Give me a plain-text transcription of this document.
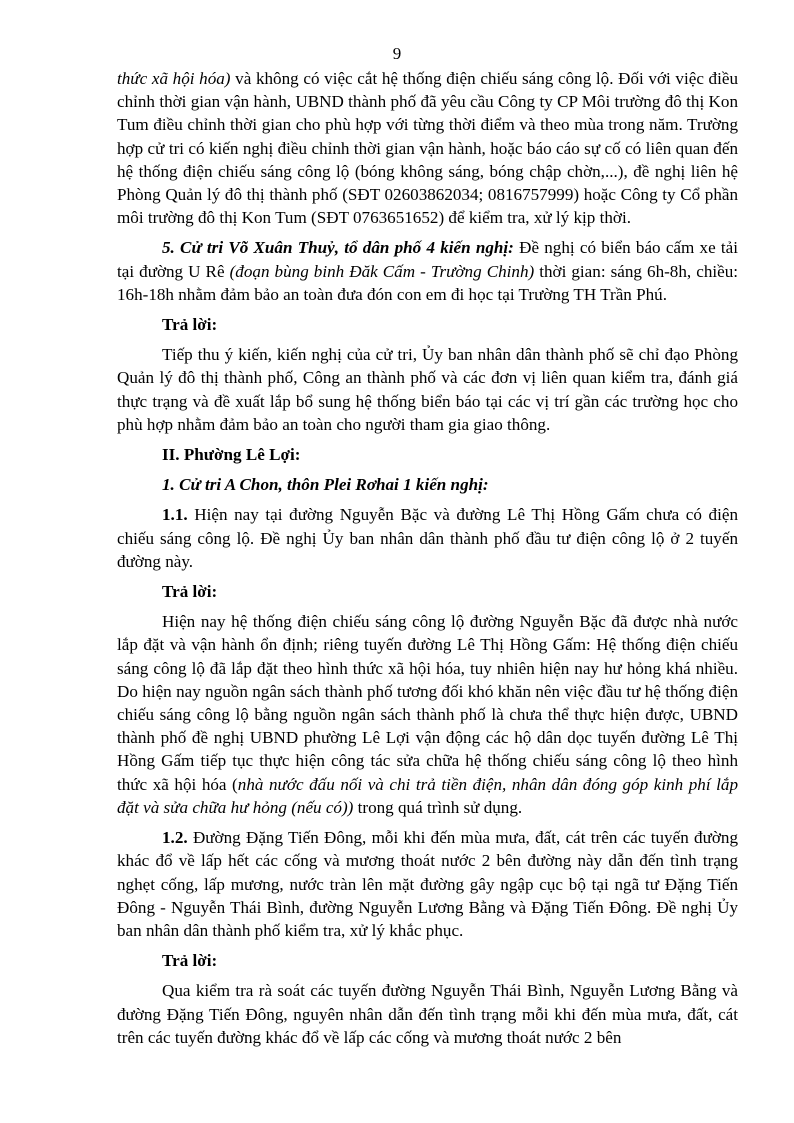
9

thức xã hội hóa) và không có việc cắt hệ thống điện chiếu sáng công lộ. Đối với việc điều chỉnh thời gian vận hành, UBND thành phố đã yêu cầu Công ty CP Môi trường đô thị Kon Tum điều chỉnh thời gian cho phù hợp với từng thời điểm và theo mùa trong năm. Trường hợp cử tri có kiến nghị điều chỉnh thời gian vận hành, hoặc báo cáo sự cố có liên quan đến hệ thống điện chiếu sáng công lộ (bóng không sáng, bóng chập chờn,...), đề nghị liên hệ Phòng Quản lý đô thị thành phố (SĐT 02603862034; 0816757999) hoặc Công ty Cổ phần môi trường đô thị Kon Tum (SĐT 0763651652) để kiểm tra, xử lý kịp thời.

5. Cử tri Võ Xuân Thuỷ, tổ dân phố 4 kiến nghị: Đề nghị có biển báo cấm xe tải tại đường U Rê (đoạn bùng binh Đăk Cấm - Trường Chinh) thời gian: sáng 6h-8h, chiều: 16h-18h nhằm đảm bảo an toàn đưa đón con em đi học tại Trường TH Trần Phú.

Trả lời:

Tiếp thu ý kiến, kiến nghị của cử tri, Ủy ban nhân dân thành phố sẽ chỉ đạo Phòng Quản lý đô thị thành phố, Công an thành phố và các đơn vị liên quan kiểm tra, đánh giá thực trạng và đề xuất lắp bổ sung hệ thống biển báo tại các vị trí gần các trường học cho phù hợp nhằm đảm bảo an toàn cho người tham gia giao thông.

II. Phường Lê Lợi:

1. Cử tri A Chon, thôn Plei Rơhai 1 kiến nghị:

1.1. Hiện nay tại đường Nguyễn Bặc và đường Lê Thị Hồng Gấm chưa có điện chiếu sáng công lộ. Đề nghị Ủy ban nhân dân thành phố đầu tư điện công lộ ở 2 tuyến đường này.

Trả lời:

Hiện nay hệ thống điện chiếu sáng công lộ đường Nguyễn Bặc đã được nhà nước lắp đặt và vận hành ổn định; riêng tuyến đường Lê Thị Hồng Gấm: Hệ thống điện chiếu sáng công lộ đã lắp đặt theo hình thức xã hội hóa, tuy nhiên hiện nay hư hỏng khá nhiều. Do hiện nay nguồn ngân sách thành phố tương đối khó khăn nên việc đầu tư hệ thống điện chiếu sáng công lộ bằng nguồn ngân sách thành phố là chưa thể thực hiện được, UBND thành phố đề nghị UBND phường Lê Lợi vận động các hộ dân dọc tuyến đường Lê Thị Hồng Gấm tiếp tục thực hiện công tác sửa chữa hệ thống chiếu sáng công lộ theo hình thức xã hội hóa (nhà nước đấu nối và chi trả tiền điện, nhân dân đóng góp kinh phí lắp đặt và sửa chữa hư hỏng (nếu có)) trong quá trình sử dụng.

1.2. Đường Đặng Tiến Đông, mỗi khi đến mùa mưa, đất, cát trên các tuyến đường khác đổ về lấp hết các cống và mương thoát nước 2 bên đường này dẫn đến tình trạng nghẹt cống, lấp mương, nước tràn lên mặt đường gây ngập cục bộ tại ngã tư Đặng Tiến Đông - Nguyễn Thái Bình, đường Nguyễn Lương Bằng và Đặng Tiến Đông. Đề nghị Ủy ban nhân dân thành phố kiểm tra, xử lý khắc phục.

Trả lời:

Qua kiểm tra rà soát các tuyến đường Nguyễn Thái Bình, Nguyễn Lương Bằng và đường Đặng Tiến Đông, nguyên nhân dẫn đến tình trạng mỗi khi đến mùa mưa, đất, cát trên các tuyến đường khác đổ về lấp các cống và mương thoát nước 2 bên
